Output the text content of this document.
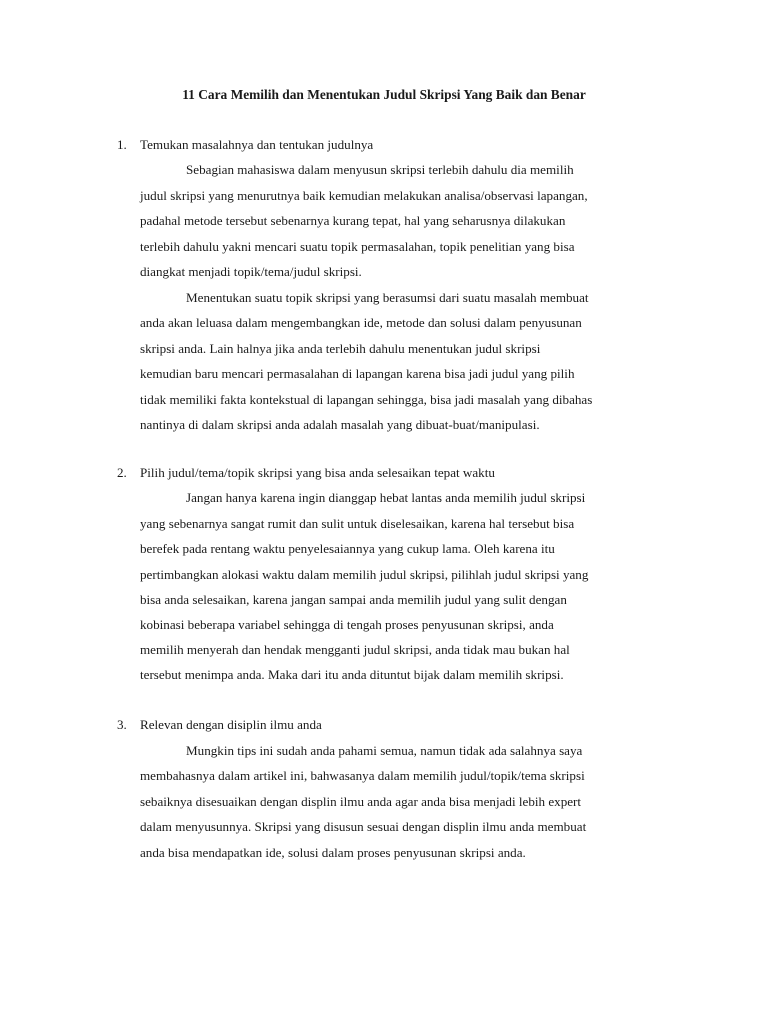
11 Cara Memilih dan Menentukan Judul Skripsi Yang Baik dan Benar
1. Temukan masalahnya dan tentukan judulnya
Sebagian mahasiswa dalam menyusun skripsi terlebih dahulu dia memilih
judul skripsi yang menurutnya baik kemudian melakukan analisa/observasi lapangan,
padahal metode tersebut sebenarnya kurang tepat, hal yang seharusnya dilakukan
terlebih dahulu yakni mencari suatu topik permasalahan, topik penelitian yang bisa
diangkat menjadi topik/tema/judul skripsi.
Menentukan suatu topik skripsi yang berasumsi dari suatu masalah membuat
anda akan leluasa dalam mengembangkan ide, metode dan solusi dalam penyusunan
skripsi anda. Lain halnya jika anda terlebih dahulu menentukan judul skripsi
kemudian baru mencari permasalahan di lapangan karena bisa jadi judul yang pilih
tidak memiliki fakta kontekstual di lapangan sehingga, bisa jadi masalah yang dibahas
nantinya di dalam skripsi anda adalah masalah yang dibuat-buat/manipulasi.
2. Pilih judul/tema/topik skripsi yang bisa anda selesaikan tepat waktu
Jangan hanya karena ingin dianggap hebat lantas anda memilih judul skripsi
yang sebenarnya sangat rumit dan sulit untuk diselesaikan, karena hal tersebut bisa
berefek pada rentang waktu penyelesaiannya yang cukup lama. Oleh karena itu
pertimbangkan alokasi waktu dalam memilih judul skripsi, pilihlah judul skripsi yang
bisa anda selesaikan, karena jangan sampai anda memilih judul yang sulit dengan
kobinasi beberapa variabel sehingga di tengah proses penyusunan skripsi, anda
memilih menyerah dan hendak mengganti judul skripsi, anda tidak mau bukan hal
tersebut menimpa anda. Maka dari itu anda dituntut bijak dalam memilih skripsi.
3. Relevan dengan disiplin ilmu anda
Mungkin tips ini sudah anda pahami semua, namun tidak ada salahnya saya
membahasnya dalam artikel ini, bahwasanya dalam memilih judul/topik/tema skripsi
sebaiknya disesuaikan dengan displin ilmu anda agar anda bisa menjadi lebih expert
dalam menyusunnya. Skripsi yang disusun sesuai dengan displin ilmu anda membuat
anda bisa mendapatkan ide, solusi dalam proses penyusunan skripsi anda.
